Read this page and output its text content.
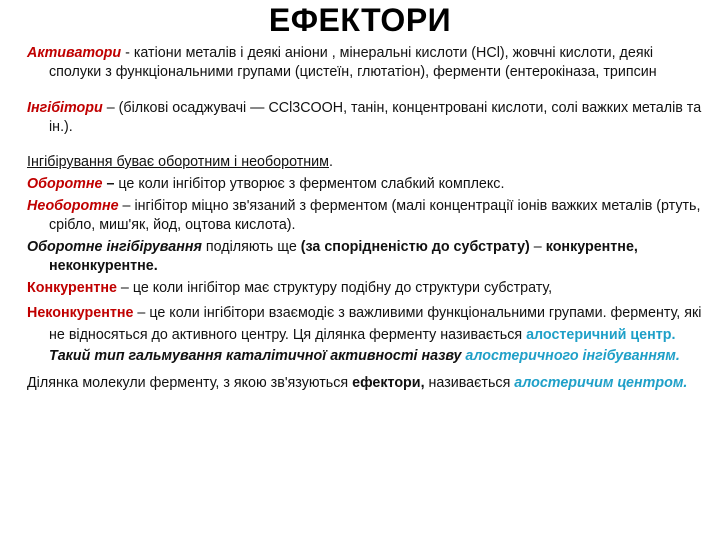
ЕФЕКТОРИ

Активатори - катіони металів і деякі аніони , мінеральні кислоти (НСl), жовчні кислоти, деякі сполуки з функціональними групами (цистеїн, глютатіон), ферменти (ентерокіназа, трипсин

Інгібітори – (білкові осаджувачі — CCl3COOH, танін, концентровані кислоти, солі важких металів та ін.).

Інгібірування буває оборотним і необоротним.

Оборотне – це коли інгібітор утворює з ферментом слабкий комплекс.

Необоротне – інгібітор міцно зв'язаний з ферментом (малі концентрації іонів важких металів (ртуть, срібло, миш'як, йод, оцтова кислота).

Оборотне інгібірування поділяють ще (за спорідненістю до субстрату) – конкурентне, неконкурентне.

Конкурентне – це коли інгібітор має структуру подібну до структури субстрату,

Неконкурентне – це коли інгібітори взаємодіє з важливими функціональними групами. ферменту, які не відносяться до активного центру. Ця ділянка ферменту називається алостеричний центр. Такий тип гальмування каталітичної активності назву алостеричного інгібуванням.

Ділянка молекули ферменту, з якою зв'язуються ефектори, називається алостеричим центром.
